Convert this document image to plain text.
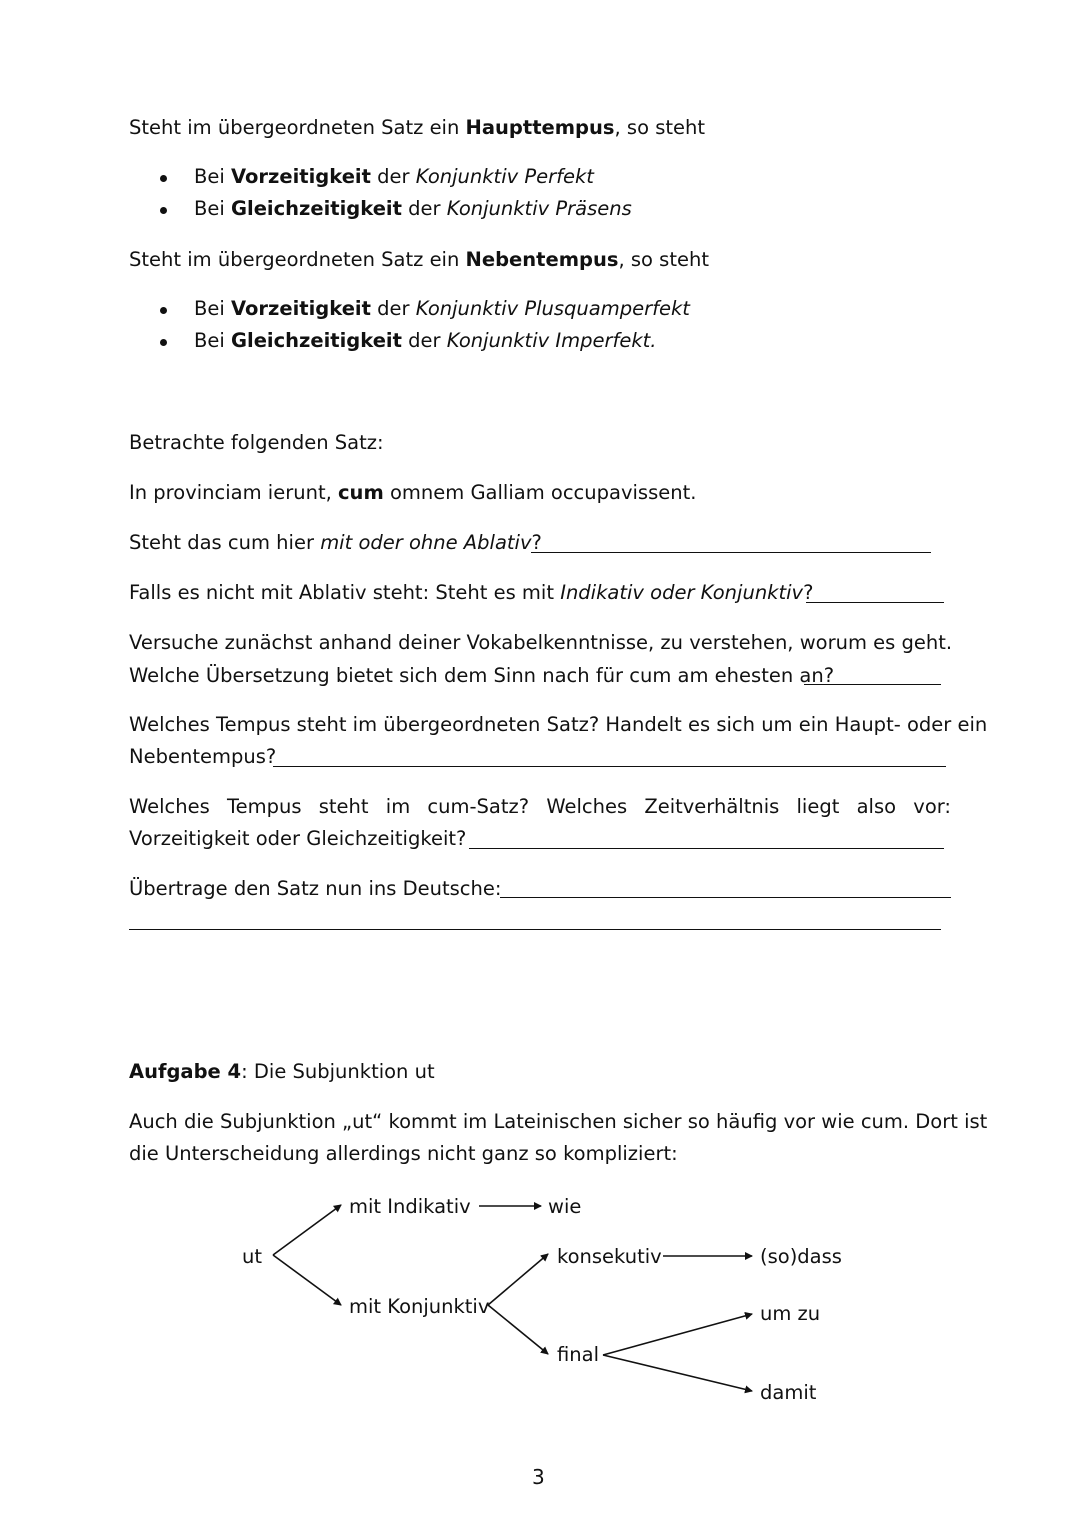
Steht im übergeordneten Satz ein Haupttempus, so steht
Bei Vorzeitigkeit der Konjunktiv Perfekt
Bei Gleichzeitigkeit der Konjunktiv Präsens
Steht im übergeordneten Satz ein Nebentempus, so steht
Bei Vorzeitigkeit der Konjunktiv Plusquamperfekt
Bei Gleichzeitigkeit der Konjunktiv Imperfekt.
Betrachte folgenden Satz:
In provinciam ierunt, cum omnem Galliam occupavissent.
Steht das cum hier mit oder ohne Ablativ?
Falls es nicht mit Ablativ steht: Steht es mit Indikativ oder Konjunktiv?
Versuche zunächst anhand deiner Vokabelkenntnisse, zu verstehen, worum es geht.
Welche Übersetzung bietet sich dem Sinn nach für cum am ehesten an?
Welches Tempus steht im übergeordneten Satz? Handelt es sich um ein Haupt- oder ein
Nebentempus?
Welches Tempus steht im cum-Satz? Welches Zeitverhältnis liegt also vor:
Vorzeitigkeit oder Gleichzeitigkeit?
Übertrage den Satz nun ins Deutsche:
Aufgabe 4: Die Subjunktion ut
Auch die Subjunktion „ut“ kommt im Lateinischen sicher so häufig vor wie cum. Dort ist
die Unterscheidung allerdings nicht ganz so kompliziert:
ut
mit Indikativ	wie
mit Konjunktiv
konsekutiv	(so)dass
final
um zu
damit
3
